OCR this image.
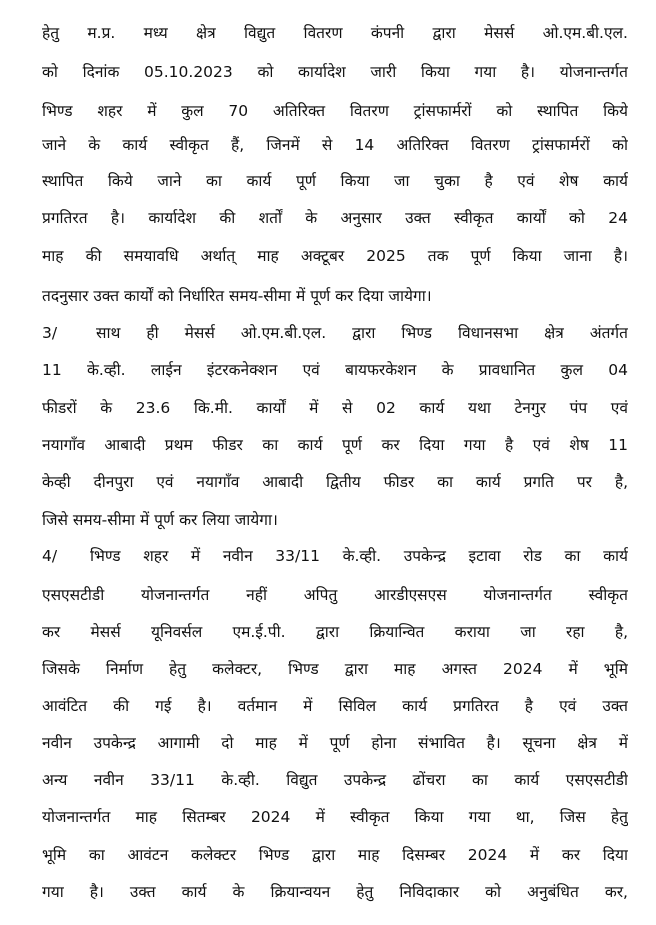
हेतु म.प्र. मध्य क्षेत्र विद्युत वितरण कंपनी द्वारा मेसर्स ओ.एम.बी.एल.
को दिनांक 05.10.2023 को कार्यादेश जारी किया गया है। योजनान्तर्गत
भिण्ड शहर में कुल 70 अतिरिक्त वितरण ट्रांसफार्मरों को स्थापित किये
जाने के कार्य स्वीकृत हैं, जिनमें से 14 अतिरिक्त वितरण ट्रांसफार्मरों को
स्थापित किये जाने का कार्य पूर्ण किया जा चुका है एवं शेष कार्य
प्रगतिरत है। कार्यादेश की शर्तों के अनुसार उक्त स्वीकृत कार्यों को 24
माह की समयावधि अर्थात् माह अक्टूबर 2025 तक पूर्ण किया जाना है।
तदनुसार उक्त कार्यों को निर्धारित समय-सीमा में पूर्ण कर दिया जायेगा।
3/	साथ ही मेसर्स ओ.एम.बी.एल. द्वारा भिण्ड विधानसभा क्षेत्र अंतर्गत
11 के.व्ही. लाईन इंटरकनेक्शन एवं बायफरकेशन के प्रावधानित कुल 04
फीडरों के 23.6 कि.मी. कार्यों में से 02 कार्य यथा टेनगुर पंप एवं
नयागाँव आबादी प्रथम फीडर का कार्य पूर्ण कर दिया गया है एवं शेष 11
केव्ही दीनपुरा एवं नयागाँव आबादी द्वितीय फीडर का कार्य प्रगति पर है,
जिसे समय-सीमा में पूर्ण कर लिया जायेगा।
4/ भिण्ड शहर में नवीन 33/11 के.व्ही. उपकेन्द्र इटावा रोड का कार्य
एसएसटीडी योजनान्तर्गत नहीं अपितु आरडीएसएस योजनान्तर्गत स्वीकृत
कर मेसर्स यूनिवर्सल एम.ई.पी. द्वारा क्रियान्वित कराया जा रहा है,
जिसके निर्माण हेतु कलेक्टर, भिण्ड द्वारा माह अगस्त 2024 में भूमि
आवंटित की गई है। वर्तमान में सिविल कार्य प्रगतिरत है एवं उक्त
नवीन उपकेन्द्र आगामी दो माह में पूर्ण होना संभावित है। सूचना क्षेत्र में
अन्य नवीन 33/11 के.व्ही. विद्युत उपकेन्द्र ढोंचरा का कार्य एसएसटीडी
योजनान्तर्गत माह सितम्बर 2024 में स्वीकृत किया गया था, जिस हेतु
भूमि का आवंटन कलेक्टर भिण्ड द्वारा माह दिसम्बर 2024 में कर दिया
गया है। उक्त कार्य के क्रियान्वयन हेतु निविदाकार को अनुबंधित कर,
